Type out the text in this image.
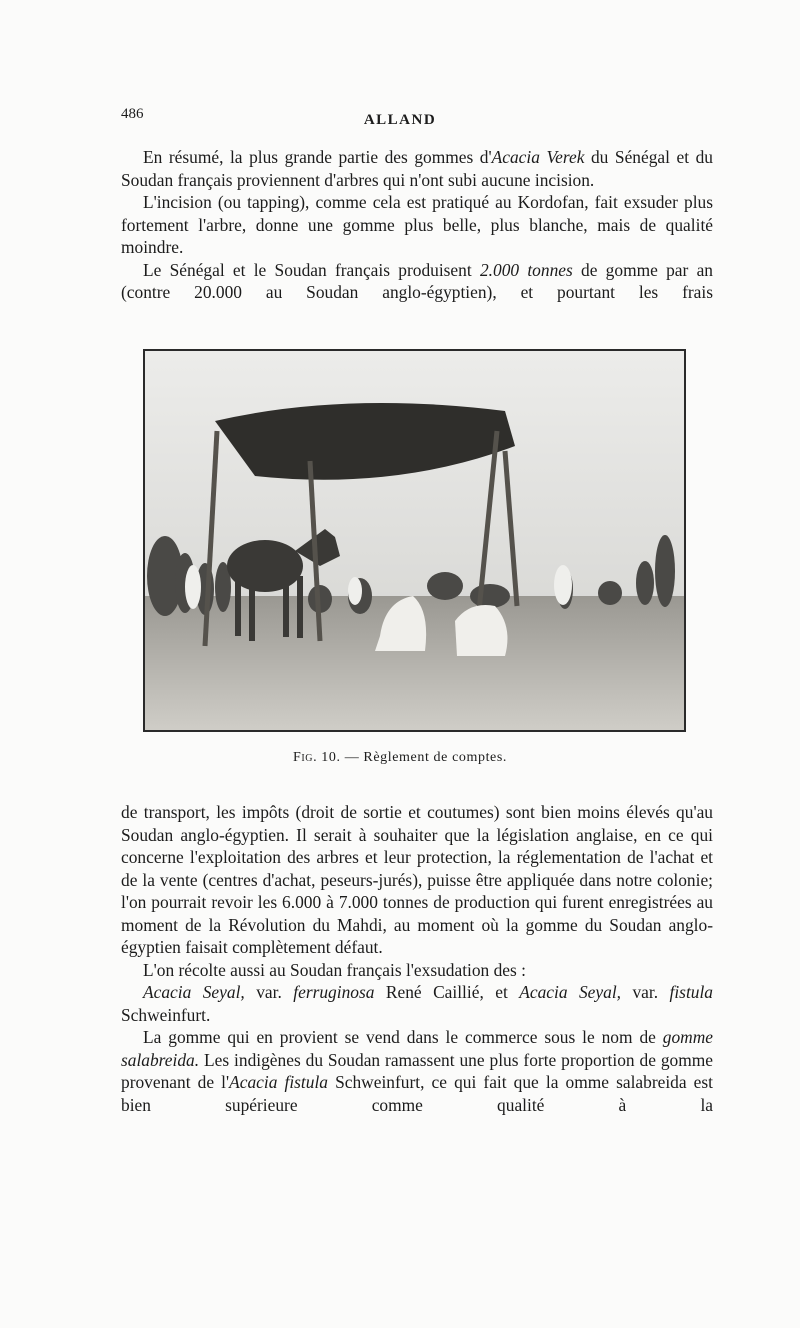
486	ALLAND

En résumé, la plus grande partie des gommes d'Acacia Verek du Sénégal et du Soudan français proviennent d'arbres qui n'ont subi aucune incision.

L'incision (ou tapping), comme cela est pratiqué au Kordofan, fait exsuder plus fortement l'arbre, donne une gomme plus belle, plus blanche, mais de qualité moindre.

Le Sénégal et le Soudan français produisent 2.000 tonnes de gomme par an (contre 20.000 au Soudan anglo-égyptien), et pourtant les frais

Fig. 10. — Règlement de comptes.

de transport, les impôts (droit de sortie et coutumes) sont bien moins élevés qu'au Soudan anglo-égyptien. Il serait à souhaiter que la législation anglaise, en ce qui concerne l'exploitation des arbres et leur protection, la réglementation de l'achat et de la vente (centres d'achat, peseurs-jurés), puisse être appliquée dans notre colonie; l'on pourrait revoir les 6.000 à 7.000 tonnes de production qui furent enregistrées au moment de la Révolution du Mahdi, au moment où la gomme du Soudan anglo-égyptien faisait complètement défaut.

L'on récolte aussi au Soudan français l'exsudation des :

Acacia Seyal, var. ferruginosa René Caillié, et Acacia Seyal, var. fistula Schweinfurt.

La gomme qui en provient se vend dans le commerce sous le nom de gomme salabreida. Les indigènes du Soudan ramassent une plus forte proportion de gomme provenant de l'Acacia fistula Schweinfurt, ce qui fait que la omme salabreida est bien supérieure comme qualité à la
